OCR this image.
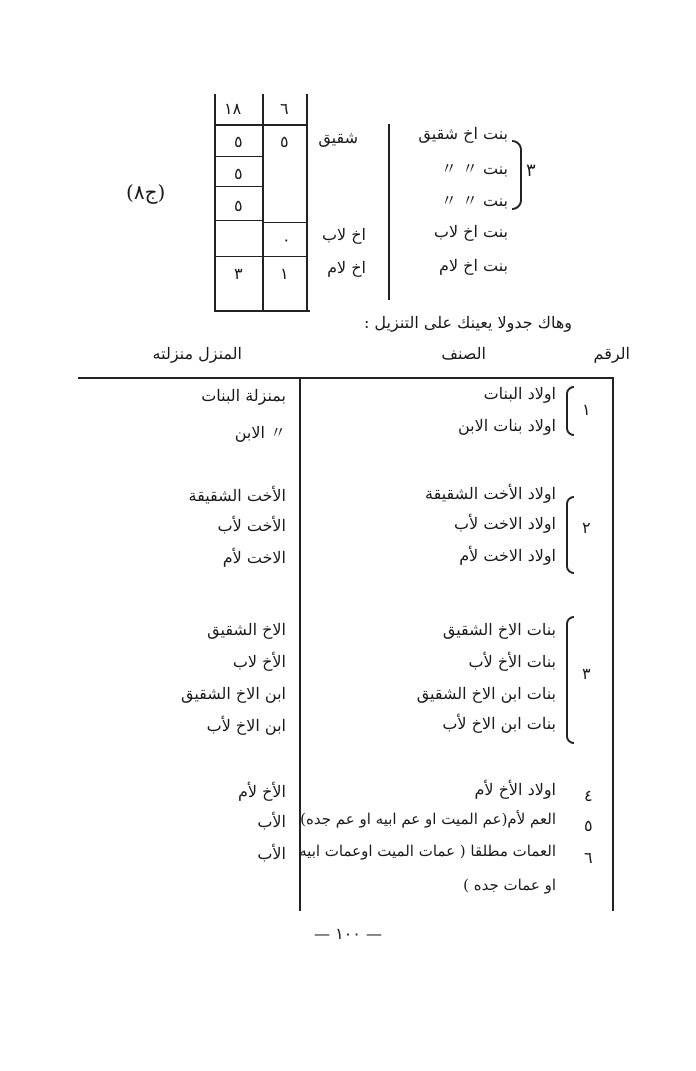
(ج٨)
١٨ ٦
٥ ٥
٥
٥
٠
٣ ١
شقيق
اخ لاب
اخ لام
بنت اخ شقيق
بنت 〃 〃
بنت 〃 〃
بنت اخ لاب
بنت اخ لام
٣
وهاك جدولا يعينك على التنزيل :
الرقم
الصنف
المنزل منزلته
١
اولاد البنات
اولاد بنات الابن
بمنزلة البنات
〃 الابن
٢
اولاد الأخت الشقيقة
اولاد الاخت لأب
اولاد الاخت لأم
الأخت الشقيقة
الأخت لأب
الاخت لأم
٣
بنات الاخ الشقيق
بنات الأخ لأب
بنات ابن الاخ الشقيق
بنات ابن الاخ لأب
الاخ الشقيق
الأخ لاب
ابن الاخ الشقيق
ابن الاخ لأب
٤
اولاد الأخ لأم
الأخ لأم
٥
العم لأم(عم الميت او عم ابيه او عم جده)
الأب
٦
العمات مطلقا ( عمات الميت اوعمات ابيه
او عمات جده )
الأب
— ١٠٠ —
